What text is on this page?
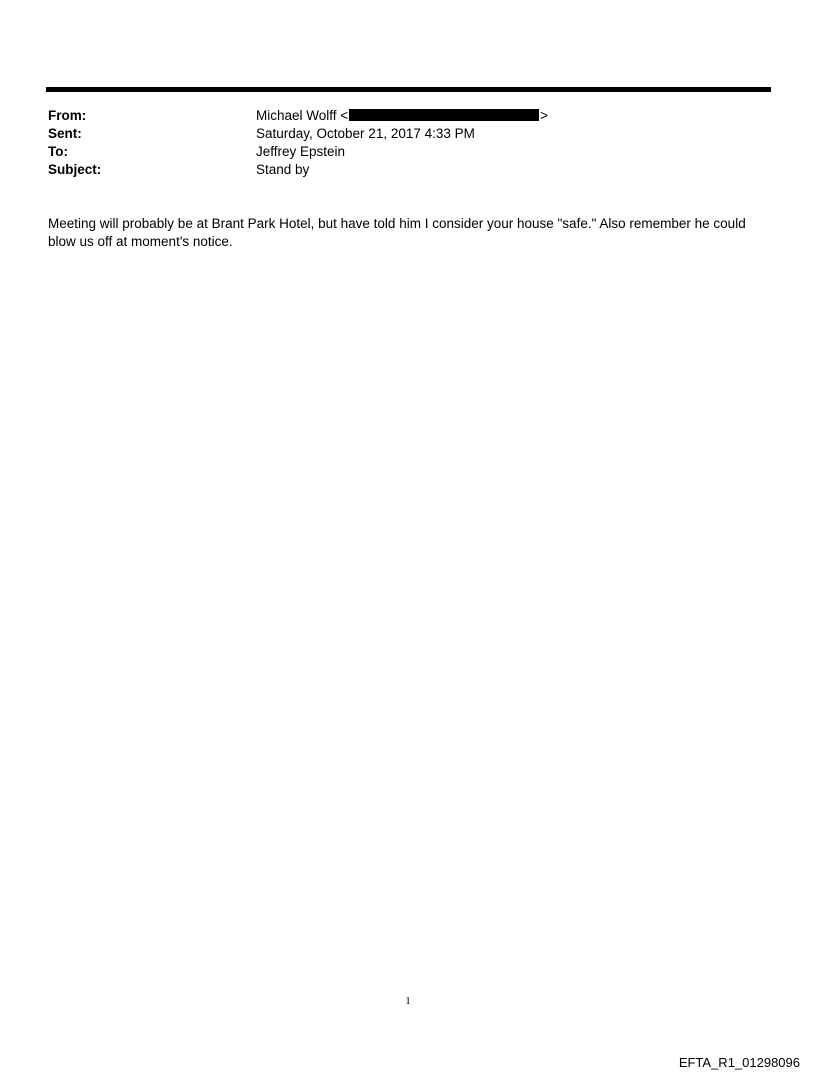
From:	Michael Wolff <	>
Sent:	Saturday, October 21, 2017 4:33 PM
To:	Jeffrey Epstein
Subject:	Stand by
Meeting will probably be at Brant Park Hotel, but have told him I consider your house "safe." Also remember he could
blow us off at moment's notice.
1
EFTA_R1_01298096
